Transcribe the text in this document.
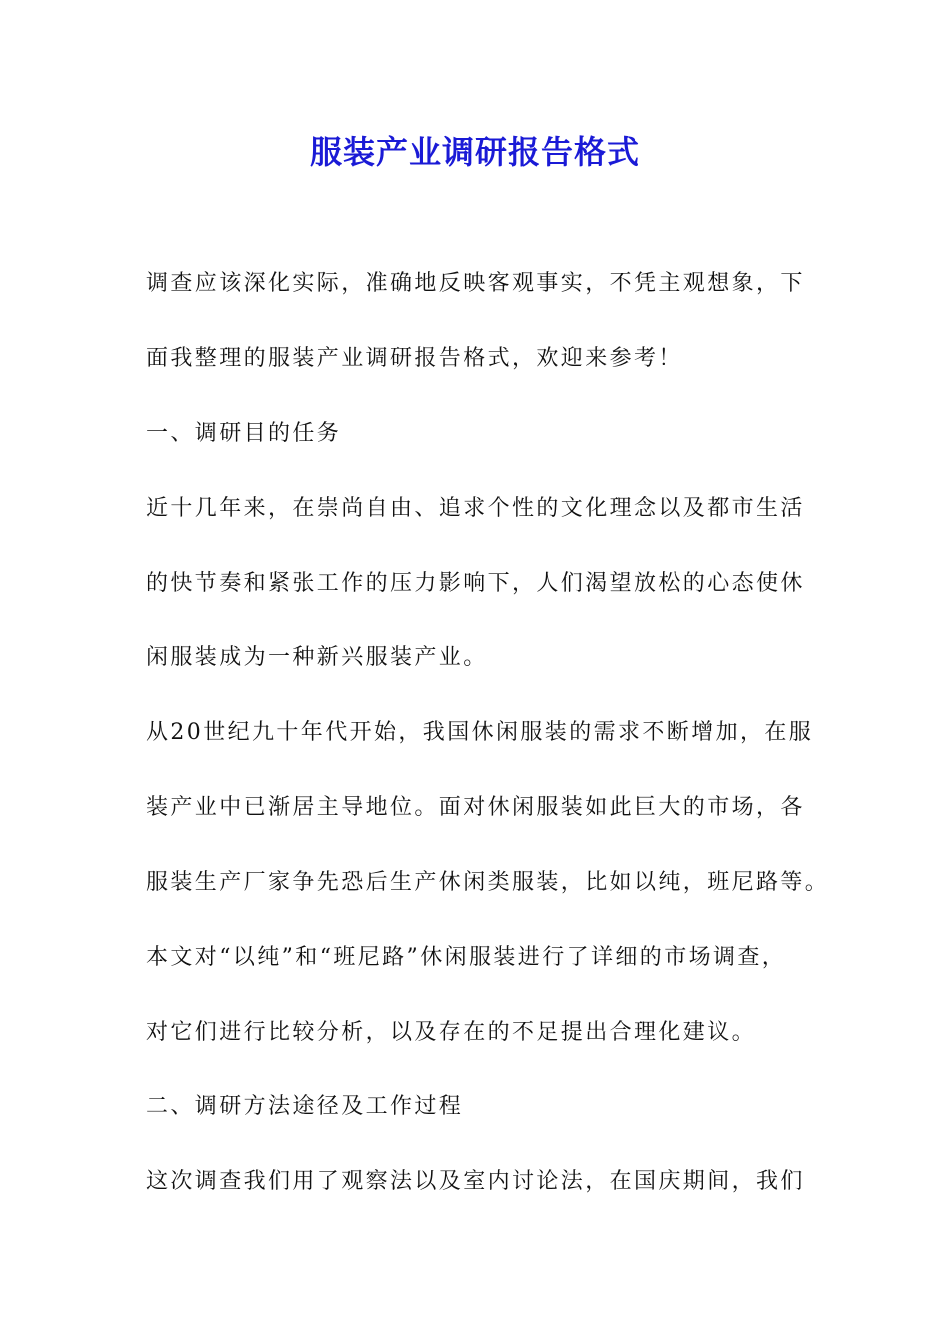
服装产业调研报告格式
调查应该深化实际，准确地反映客观事实，不凭主观想象，下
面我整理的服装产业调研报告格式，欢迎来参考！
一、调研目的任务
近十几年来，在崇尚自由、追求个性的文化理念以及都市生活
的快节奏和紧张工作的压力影响下，人们渴望放松的心态使休
闲服装成为一种新兴服装产业。
从20世纪九十年代开始，我国休闲服装的需求不断增加，在服
装产业中已渐居主导地位。面对休闲服装如此巨大的市场，各
服装生产厂家争先恐后生产休闲类服装，比如以纯，班尼路等。
本文对“以纯”和“班尼路”休闲服装进行了详细的市场调查，
对它们进行比较分析，以及存在的不足提出合理化建议。
二、调研方法途径及工作过程
这次调查我们用了观察法以及室内讨论法，在国庆期间，我们
